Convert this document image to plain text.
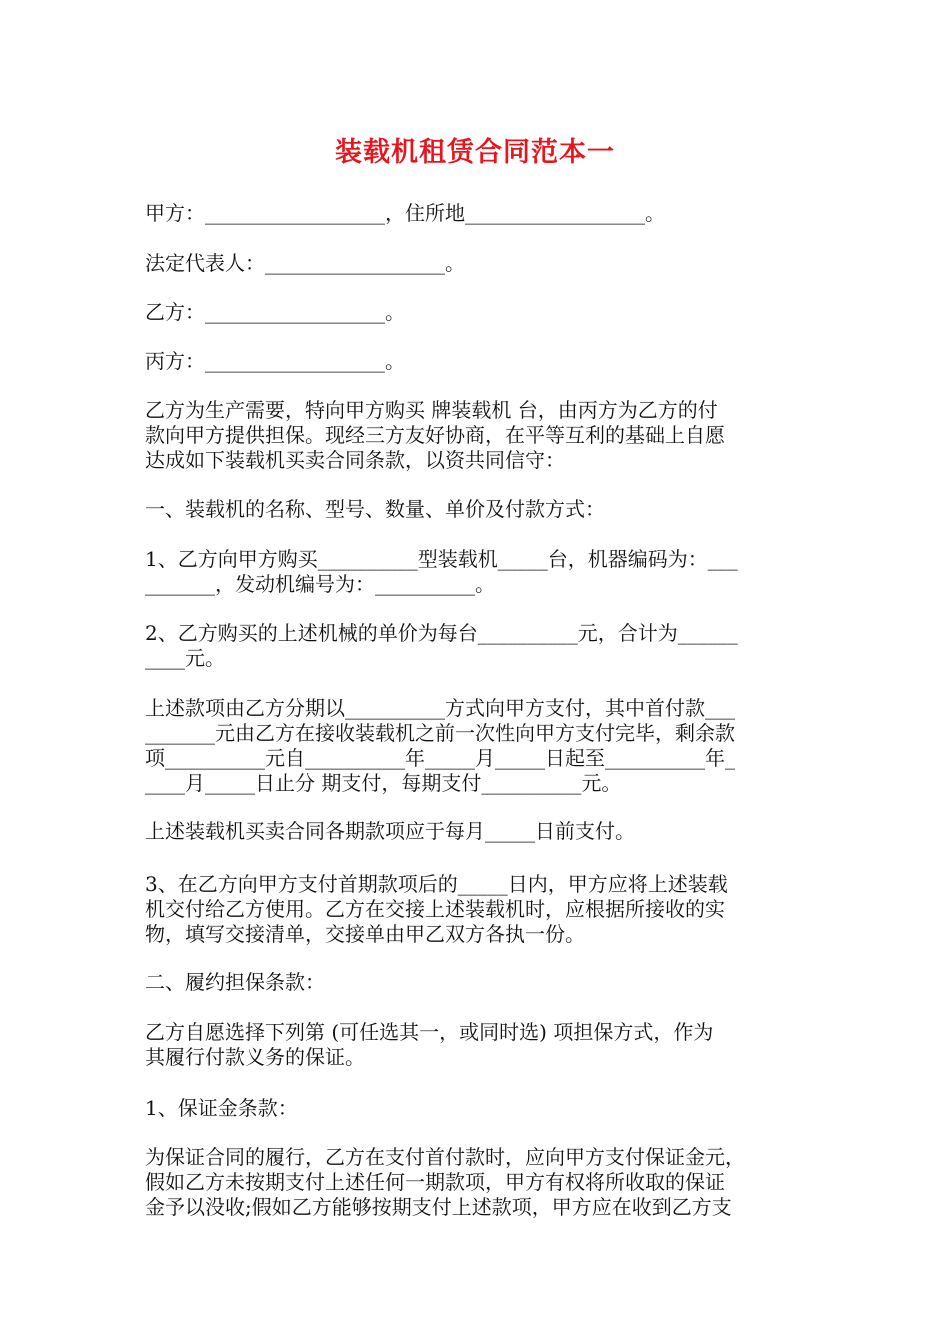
装载机租赁合同范本一

甲方：__________________，住所地__________________。

法定代表人：__________________。

乙方：__________________。

丙方：__________________。

乙方为生产需要，特向甲方购买 牌装载机 台，由丙方为乙方的付
款向甲方提供担保。现经三方友好协商，在平等互利的基础上自愿
达成如下装载机买卖合同条款，以资共同信守：

一、装载机的名称、型号、数量、单价及付款方式：

1、乙方向甲方购买__________型装载机_____台，机器编码为：___
_______，发动机编号为：__________。

2、乙方购买的上述机械的单价为每台__________元，合计为______
____元。

上述款项由乙方分期以__________方式向甲方支付，其中首付款___
_______元由乙方在接收装载机之前一次性向甲方支付完毕，剩余款
项__________元自__________年_____月_____日起至__________年_
____月_____日止分 期支付，每期支付__________元。

上述装载机买卖合同各期款项应于每月_____日前支付。

3、在乙方向甲方支付首期款项后的_____日内，甲方应将上述装载
机交付给乙方使用。乙方在交接上述装载机时，应根据所接收的实
物，填写交接清单，交接单由甲乙双方各执一份。

二、履约担保条款：

乙方自愿选择下列第 (可任选其一，或同时选) 项担保方式，作为
其履行付款义务的保证。

1、保证金条款：

为保证合同的履行，乙方在支付首付款时，应向甲方支付保证金元，
假如乙方未按期支付上述任何一期款项，甲方有权将所收取的保证
金予以没收;假如乙方能够按期支付上述款项，甲方应在收到乙方支
